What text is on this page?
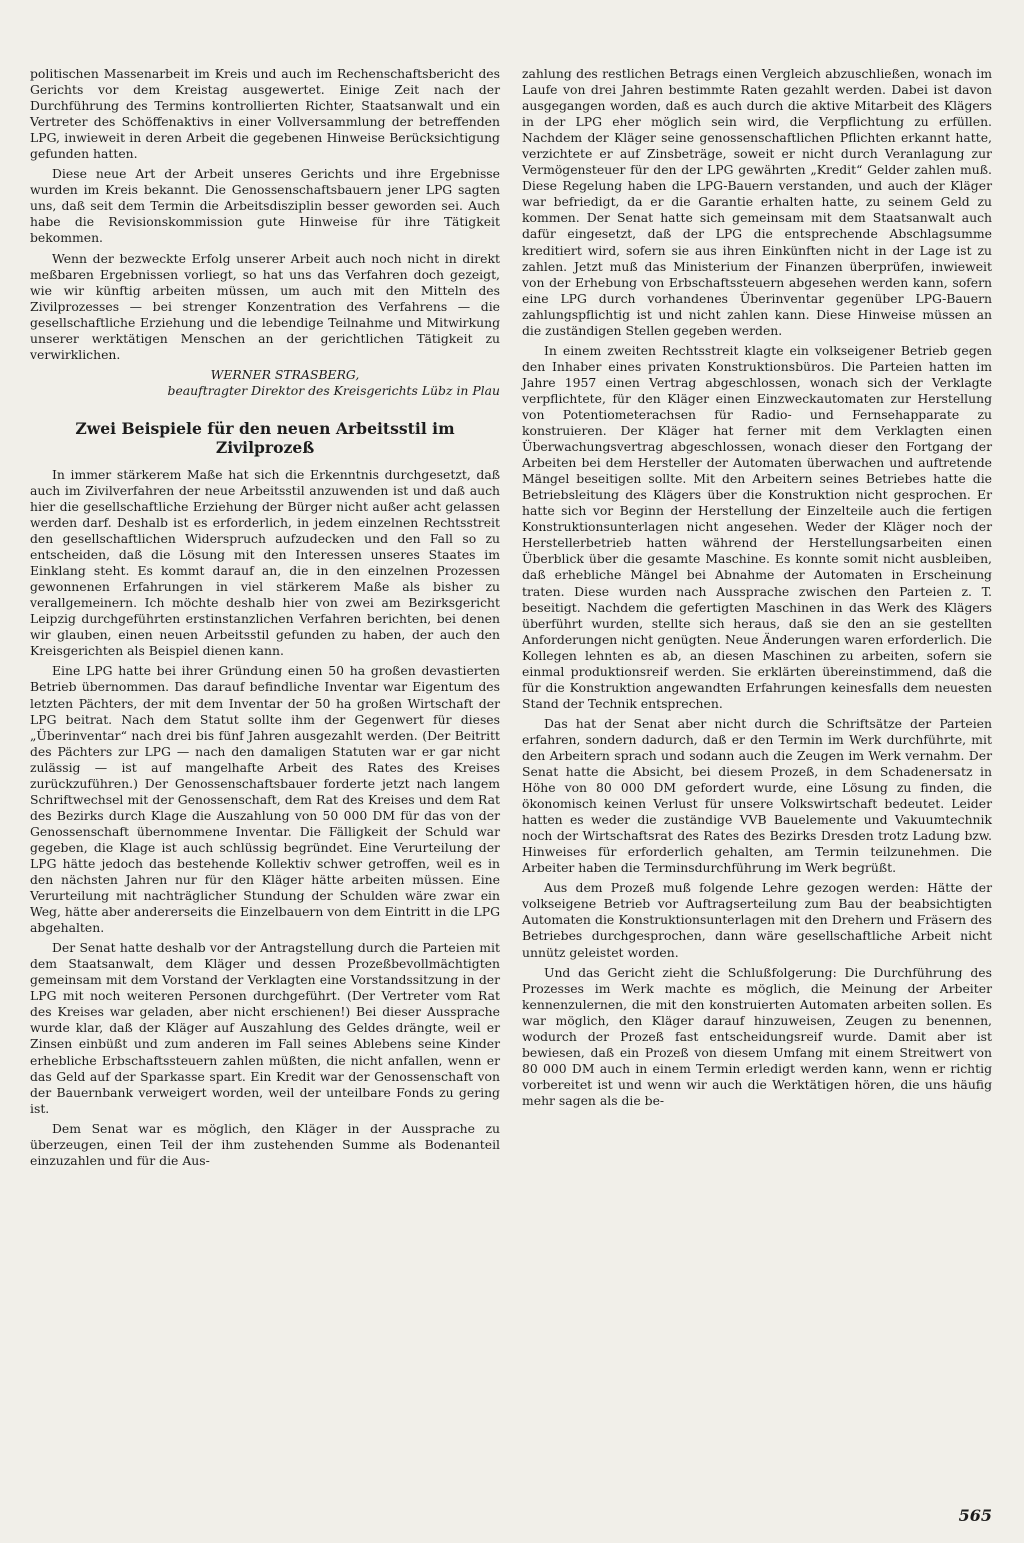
politischen Massenarbeit im Kreis und auch im Rechenschaftsbericht des Gerichts vor dem Kreistag ausgewertet. Einige Zeit nach der Durchführung des Termins kontrollierten Richter, Staatsanwalt und ein Vertreter des Schöffenaktivs in einer Vollversammlung der betreffenden LPG, inwieweit in deren Arbeit die gegebenen Hinweise Berücksichtigung gefunden hatten.

Diese neue Art der Arbeit unseres Gerichts und ihre Ergebnisse wurden im Kreis bekannt. Die Genossenschaftsbauern jener LPG sagten uns, daß seit dem Termin die Arbeitsdisziplin besser geworden sei. Auch habe die Revisionskommission gute Hinweise für ihre Tätigkeit bekommen.

Wenn der bezweckte Erfolg unserer Arbeit auch noch nicht in direkt meßbaren Ergebnissen vorliegt, so hat uns das Verfahren doch gezeigt, wie wir künftig arbeiten müssen, um auch mit den Mitteln des Zivilprozesses — bei strenger Konzentration des Verfahrens — die gesellschaftliche Erziehung und die lebendige Teilnahme und Mitwirkung unserer werktätigen Menschen an der gerichtlichen Tätigkeit zu verwirklichen.

WERNER STRASBERG,
beauftragter Direktor des Kreisgerichts Lübz in Plau
Zwei Beispiele für den neuen Arbeitsstil im Zivilprozeß

In immer stärkerem Maße hat sich die Erkenntnis durchgesetzt, daß auch im Zivilverfahren der neue Arbeitsstil anzuwenden ist und daß auch hier die gesellschaftliche Erziehung der Bürger nicht außer acht gelassen werden darf. Deshalb ist es erforderlich, in jedem einzelnen Rechtsstreit den gesellschaftlichen Widerspruch aufzudecken und den Fall so zu entscheiden, daß die Lösung mit den Interessen unseres Staates im Einklang steht. Es kommt darauf an, die in den einzelnen Prozessen gewonnenen Erfahrungen in viel stärkerem Maße als bisher zu verallgemeinern. Ich möchte deshalb hier von zwei am Bezirksgericht Leipzig durchgeführten erstinstanzlichen Verfahren berichten, bei denen wir glauben, einen neuen Arbeitsstil gefunden zu haben, der auch den Kreisgerichten als Beispiel dienen kann.

Eine LPG hatte bei ihrer Gründung einen 50 ha großen devastierten Betrieb übernommen. Das darauf befindliche Inventar war Eigentum des letzten Pächters, der mit dem Inventar der 50 ha großen Wirtschaft der LPG beitrat. Nach dem Statut sollte ihm der Gegenwert für dieses „Überinventar“ nach drei bis fünf Jahren ausgezahlt werden. (Der Beitritt des Pächters zur LPG — nach den damaligen Statuten war er gar nicht zulässig — ist auf mangelhafte Arbeit des Rates des Kreises zurückzuführen.) Der Genossenschaftsbauer forderte jetzt nach langem Schriftwechsel mit der Genossenschaft, dem Rat des Kreises und dem Rat des Bezirks durch Klage die Auszahlung von 50 000 DM für das von der Genossenschaft übernommene Inventar. Die Fälligkeit der Schuld war gegeben, die Klage ist auch schlüssig begründet. Eine Verurteilung der LPG hätte jedoch das bestehende Kollektiv schwer getroffen, weil es in den nächsten Jahren nur für den Kläger hätte arbeiten müssen. Eine Verurteilung mit nachträglicher Stundung der Schulden wäre zwar ein Weg, hätte aber andererseits die Einzelbauern von dem Eintritt in die LPG abgehalten.

Der Senat hatte deshalb vor der Antragstellung durch die Parteien mit dem Staatsanwalt, dem Kläger und dessen Prozeßbevollmächtigten gemeinsam mit dem Vorstand der Verklagten eine Vorstandssitzung in der LPG mit noch weiteren Personen durchgeführt. (Der Vertreter vom Rat des Kreises war geladen, aber nicht erschienen!) Bei dieser Aussprache wurde klar, daß der Kläger auf Auszahlung des Geldes drängte, weil er Zinsen einbüßt und zum anderen im Fall seines Ablebens seine Kinder erhebliche Erbschaftssteuern zahlen müßten, die nicht anfallen, wenn er das Geld auf der Sparkasse spart. Ein Kredit war der Genossenschaft von der Bauernbank verweigert worden, weil der unteilbare Fonds zu gering ist.

Dem Senat war es möglich, den Kläger in der Aussprache zu überzeugen, einen Teil der ihm zustehenden Summe als Bodenanteil einzuzahlen und für die Aus-

zahlung des restlichen Betrags einen Vergleich abzuschließen, wonach im Laufe von drei Jahren bestimmte Raten gezahlt werden. Dabei ist davon ausgegangen worden, daß es auch durch die aktive Mitarbeit des Klägers in der LPG eher möglich sein wird, die Verpflichtung zu erfüllen. Nachdem der Kläger seine genossenschaftlichen Pflichten erkannt hatte, verzichtete er auf Zinsbeträge, soweit er nicht durch Veranlagung zur Vermögensteuer für den der LPG gewährten „Kredit“ Gelder zahlen muß. Diese Regelung haben die LPG-Bauern verstanden, und auch der Kläger war befriedigt, da er die Garantie erhalten hatte, zu seinem Geld zu kommen. Der Senat hatte sich gemeinsam mit dem Staatsanwalt auch dafür eingesetzt, daß der LPG die entsprechende Abschlagsumme kreditiert wird, sofern sie aus ihren Einkünften nicht in der Lage ist zu zahlen. Jetzt muß das Ministerium der Finanzen überprüfen, inwieweit von der Erhebung von Erbschaftssteuern abgesehen werden kann, sofern eine LPG durch vorhandenes Überinventar gegenüber LPG-Bauern zahlungspflichtig ist und nicht zahlen kann. Diese Hinweise müssen an die zuständigen Stellen gegeben werden.

In einem zweiten Rechtsstreit klagte ein volkseigener Betrieb gegen den Inhaber eines privaten Konstruktionsbüros. Die Parteien hatten im Jahre 1957 einen Vertrag abgeschlossen, wonach sich der Verklagte verpflichtete, für den Kläger einen Einzweckautomaten zur Herstellung von Potentiometerachsen für Radio- und Fernsehapparate zu konstruieren. Der Kläger hat ferner mit dem Verklagten einen Überwachungsvertrag abgeschlossen, wonach dieser den Fortgang der Arbeiten bei dem Hersteller der Automaten überwachen und auftretende Mängel beseitigen sollte. Mit den Arbeitern seines Betriebes hatte die Betriebsleitung des Klägers über die Konstruktion nicht gesprochen. Er hatte sich vor Beginn der Herstellung der Einzelteile auch die fertigen Konstruktionsunterlagen nicht angesehen. Weder der Kläger noch der Herstellerbetrieb hatten während der Herstellungsarbeiten einen Überblick über die gesamte Maschine. Es konnte somit nicht ausbleiben, daß erhebliche Mängel bei Abnahme der Automaten in Erscheinung traten. Diese wurden nach Aussprache zwischen den Parteien z. T. beseitigt. Nachdem die gefertigten Maschinen in das Werk des Klägers überführt wurden, stellte sich heraus, daß sie den an sie gestellten Anforderungen nicht genügten. Neue Änderungen waren erforderlich. Die Kollegen lehnten es ab, an diesen Maschinen zu arbeiten, sofern sie einmal produktionsreif werden. Sie erklärten übereinstimmend, daß die für die Konstruktion angewandten Erfahrungen keinesfalls dem neuesten Stand der Technik entsprechen.

Das hat der Senat aber nicht durch die Schriftsätze der Parteien erfahren, sondern dadurch, daß er den Termin im Werk durchführte, mit den Arbeitern sprach und sodann auch die Zeugen im Werk vernahm. Der Senat hatte die Absicht, bei diesem Prozeß, in dem Schadenersatz in Höhe von 80 000 DM gefordert wurde, eine Lösung zu finden, die ökonomisch keinen Verlust für unsere Volkswirtschaft bedeutet. Leider hatten es weder die zuständige VVB Bauelemente und Vakuumtechnik noch der Wirtschaftsrat des Rates des Bezirks Dresden trotz Ladung bzw. Hinweises für erforderlich gehalten, am Termin teilzunehmen. Die Arbeiter haben die Terminsdurchführung im Werk begrüßt.

Aus dem Prozeß muß folgende Lehre gezogen werden: Hätte der volkseigene Betrieb vor Auftragserteilung zum Bau der beabsichtigten Automaten die Konstruktionsunterlagen mit den Drehern und Fräsern des Betriebes durchgesprochen, dann wäre gesellschaftliche Arbeit nicht unnütz geleistet worden.

Und das Gericht zieht die Schlußfolgerung: Die Durchführung des Prozesses im Werk machte es möglich, die Meinung der Arbeiter kennenzulernen, die mit den konstruierten Automaten arbeiten sollen. Es war möglich, den Kläger darauf hinzuweisen, Zeugen zu benennen, wodurch der Prozeß fast entscheidungsreif wurde. Damit aber ist bewiesen, daß ein Prozeß von diesem Umfang mit einem Streitwert von 80 000 DM auch in einem Termin erledigt werden kann, wenn er richtig vorbereitet ist und wenn wir auch die Werktätigen hören, die uns häufig mehr sagen als die be-

565
